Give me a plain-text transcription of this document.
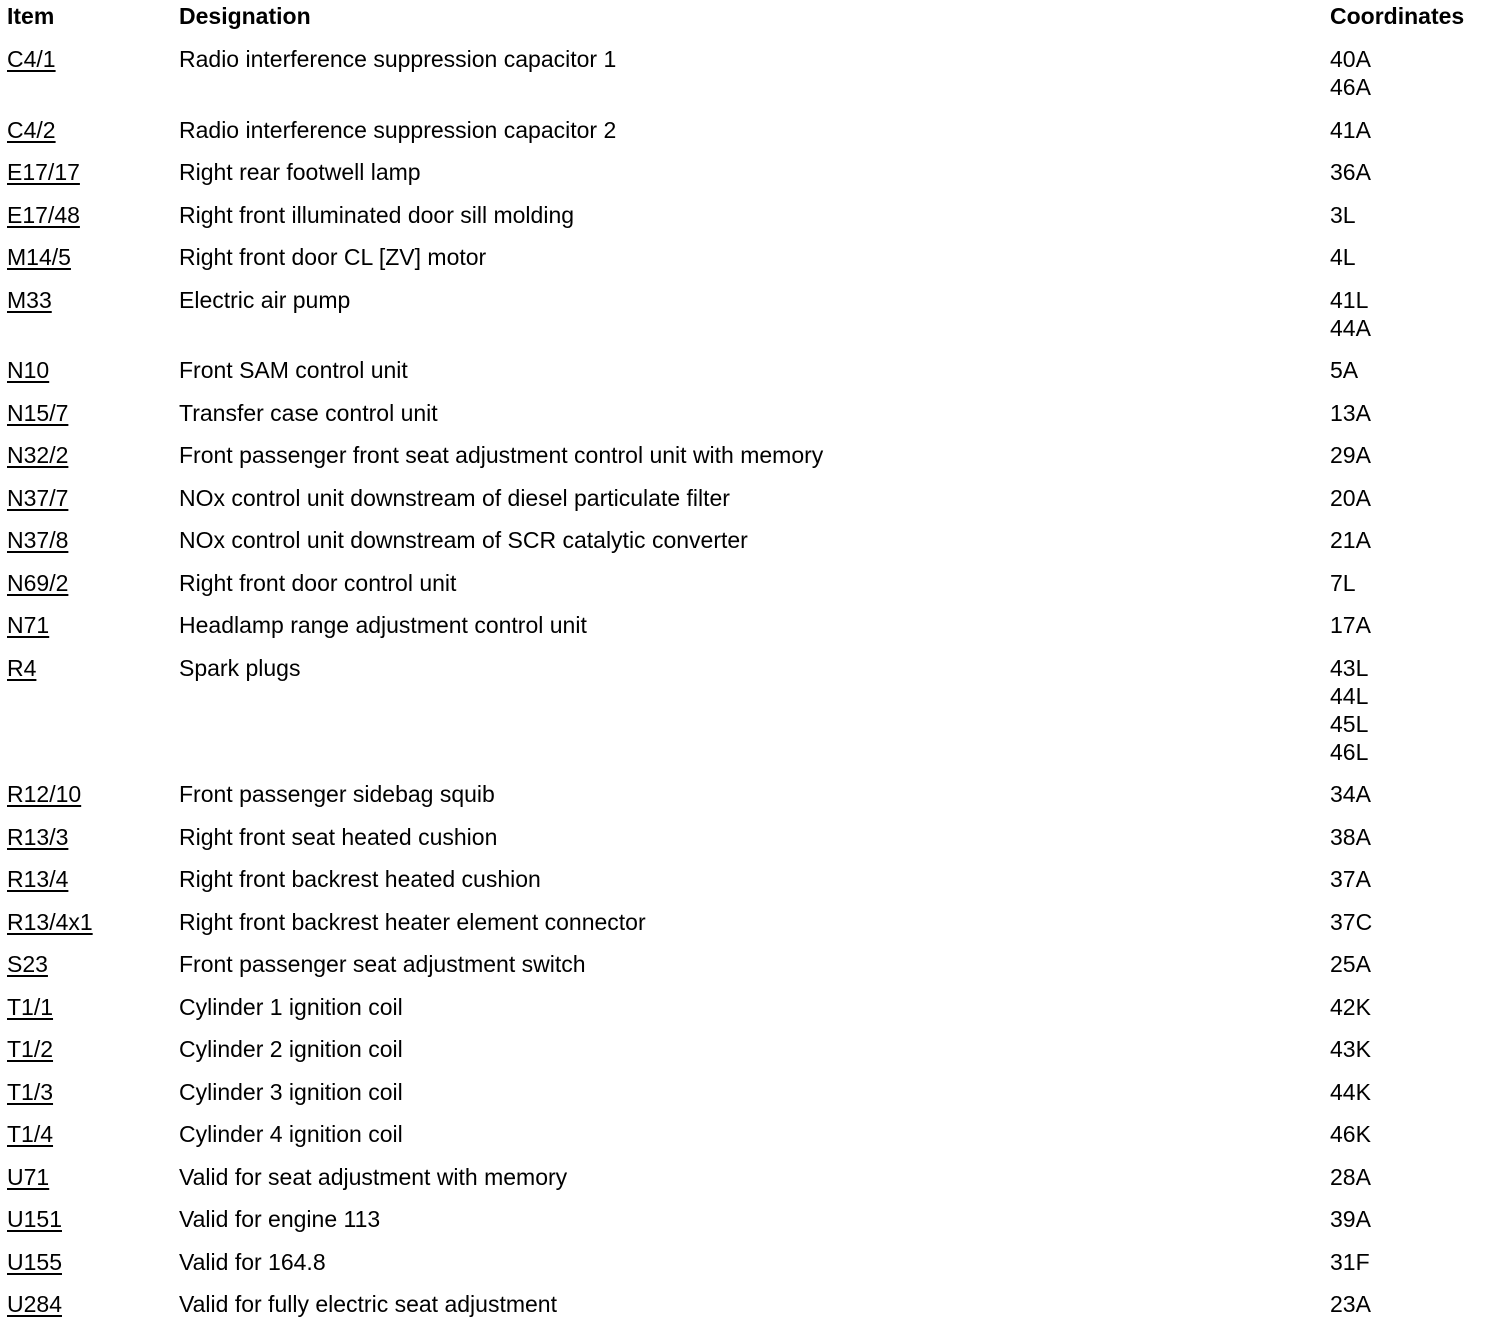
Item	Designation	Coordinates
C4/1	Radio interference suppression capacitor 1	40A
46A
C4/2	Radio interference suppression capacitor 2	41A
E17/17	Right rear footwell lamp	36A
E17/48	Right front illuminated door sill molding	3L
M14/5	Right front door CL [ZV] motor	4L
M33	Electric air pump	41L
44A
N10	Front SAM control unit	5A
N15/7	Transfer case control unit	13A
N32/2	Front passenger front seat adjustment control unit with memory	29A
N37/7	NOx control unit downstream of diesel particulate filter	20A
N37/8	NOx control unit downstream of SCR catalytic converter	21A
N69/2	Right front door control unit	7L
N71	Headlamp range adjustment control unit	17A
R4	Spark plugs	43L
44L
45L
46L
R12/10	Front passenger sidebag squib	34A
R13/3	Right front seat heated cushion	38A
R13/4	Right front backrest heated cushion	37A
R13/4x1	Right front backrest heater element connector	37C
S23	Front passenger seat adjustment switch	25A
T1/1	Cylinder 1 ignition coil	42K
T1/2	Cylinder 2 ignition coil	43K
T1/3	Cylinder 3 ignition coil	44K
T1/4	Cylinder 4 ignition coil	46K
U71	Valid for seat adjustment with memory	28A
U151	Valid for engine 113	39A
U155	Valid for 164.8	31F
U284	Valid for fully electric seat adjustment	23A
